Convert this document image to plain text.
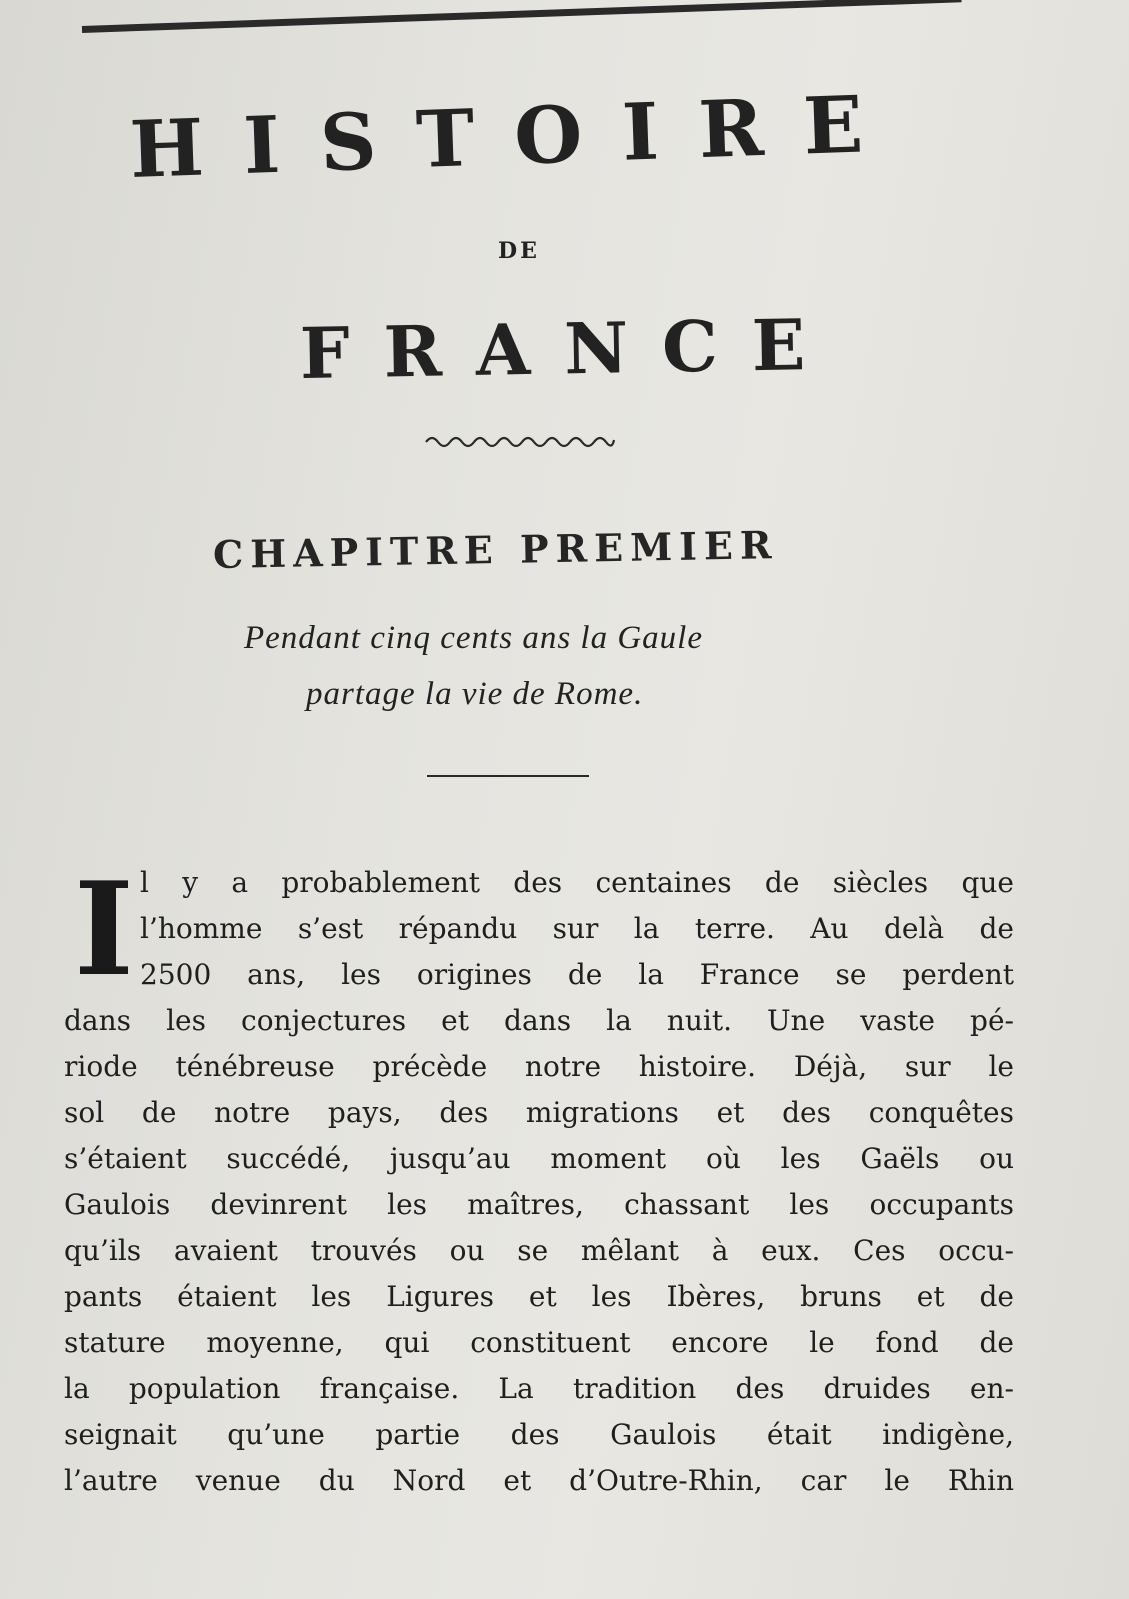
HISTOIRE
DE
FRANCE
CHAPITRE PREMIER
Pendant cinq cents ans la Gaule
partage la vie de Rome.
I l y a probablement des centaines de siècles que
l’homme s’est répandu sur la terre. Au delà de
2500 ans, les origines de la France se perdent
dans les conjectures et dans la nuit. Une vaste pé-
riode ténébreuse précède notre histoire. Déjà, sur le
sol de notre pays, des migrations et des conquêtes
s’étaient succédé, jusqu’au moment où les Gaëls ou
Gaulois devinrent les maîtres, chassant les occupants
qu’ils avaient trouvés ou se mêlant à eux. Ces occu-
pants étaient les Ligures et les Ibères, bruns et de
stature moyenne, qui constituent encore le fond de
la population française. La tradition des druides en-
seignait qu’une partie des Gaulois était indigène,
l’autre venue du Nord et d’Outre-Rhin, car le Rhin
